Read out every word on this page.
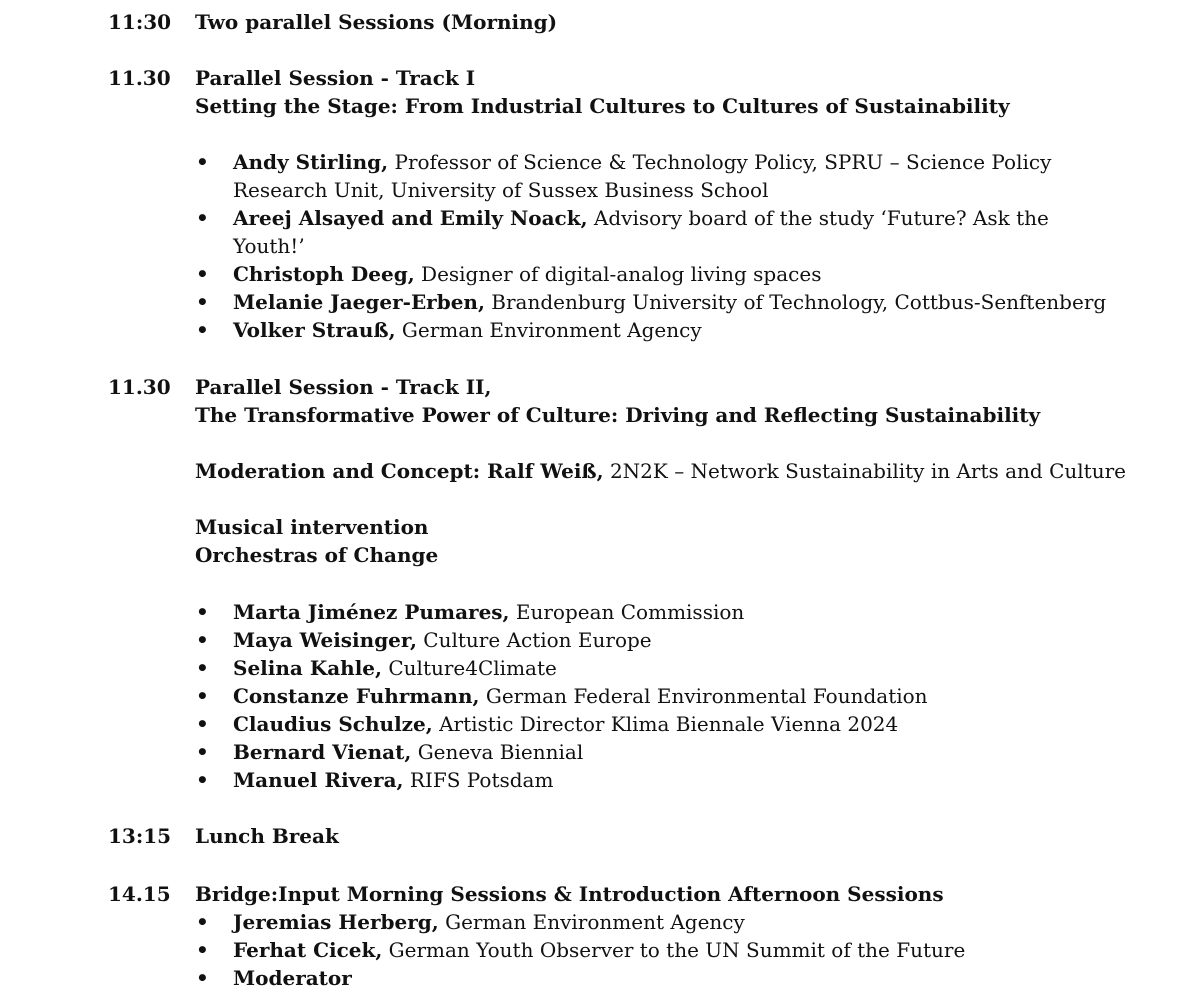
11:30 Two parallel Sessions (Morning)
11.30 Parallel Session - Track I
Setting the Stage: From Industrial Cultures to Cultures of Sustainability
• Andy Stirling, Professor of Science & Technology Policy, SPRU – Science Policy
Research Unit, University of Sussex Business School
• Areej Alsayed and Emily Noack, Advisory board of the study ‘Future? Ask the
Youth!’
• Christoph Deeg, Designer of digital-analog living spaces
• Melanie Jaeger-Erben, Brandenburg University of Technology, Cottbus-Senftenberg
• Volker Strauß, German Environment Agency
11.30 Parallel Session - Track II,
The Transformative Power of Culture: Driving and Reflecting Sustainability
Moderation and Concept: Ralf Weiß, 2N2K – Network Sustainability in Arts and Culture
Musical intervention
Orchestras of Change
• Marta Jiménez Pumares, European Commission
• Maya Weisinger, Culture Action Europe
• Selina Kahle, Culture4Climate
• Constanze Fuhrmann, German Federal Environmental Foundation
• Claudius Schulze, Artistic Director Klima Biennale Vienna 2024
• Bernard Vienat, Geneva Biennial
• Manuel Rivera, RIFS Potsdam
13:15 Lunch Break
14.15 Bridge:Input Morning Sessions & Introduction Afternoon Sessions
• Jeremias Herberg, German Environment Agency
• Ferhat Cicek, German Youth Observer to the UN Summit of the Future
• Moderator
